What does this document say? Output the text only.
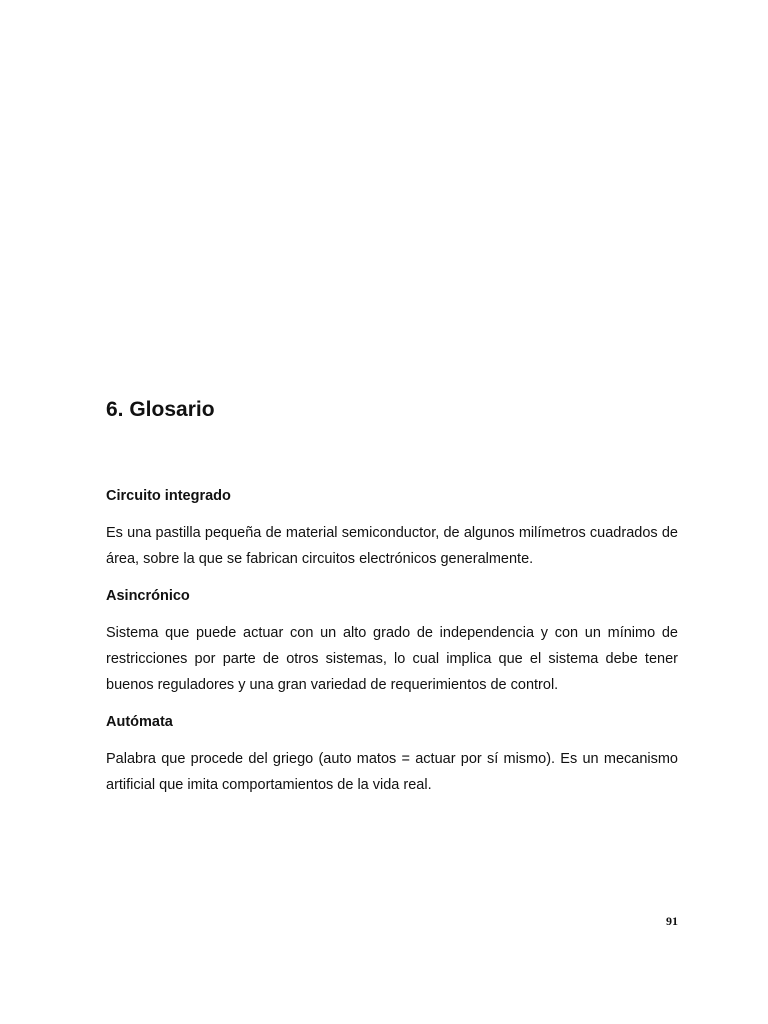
6. Glosario

Circuito integrado

Es una pastilla pequeña de material semiconductor, de algunos milímetros cuadrados de área, sobre la que se fabrican circuitos electrónicos generalmente.

Asincrónico

Sistema que puede actuar con un alto grado de independencia y con un mínimo de restricciones por parte de otros sistemas, lo cual implica que el sistema debe tener buenos reguladores y una gran variedad de requerimientos de control.

Autómata

Palabra que procede del griego (auto matos = actuar por sí mismo). Es un mecanismo artificial que imita comportamientos de la vida real.

91
